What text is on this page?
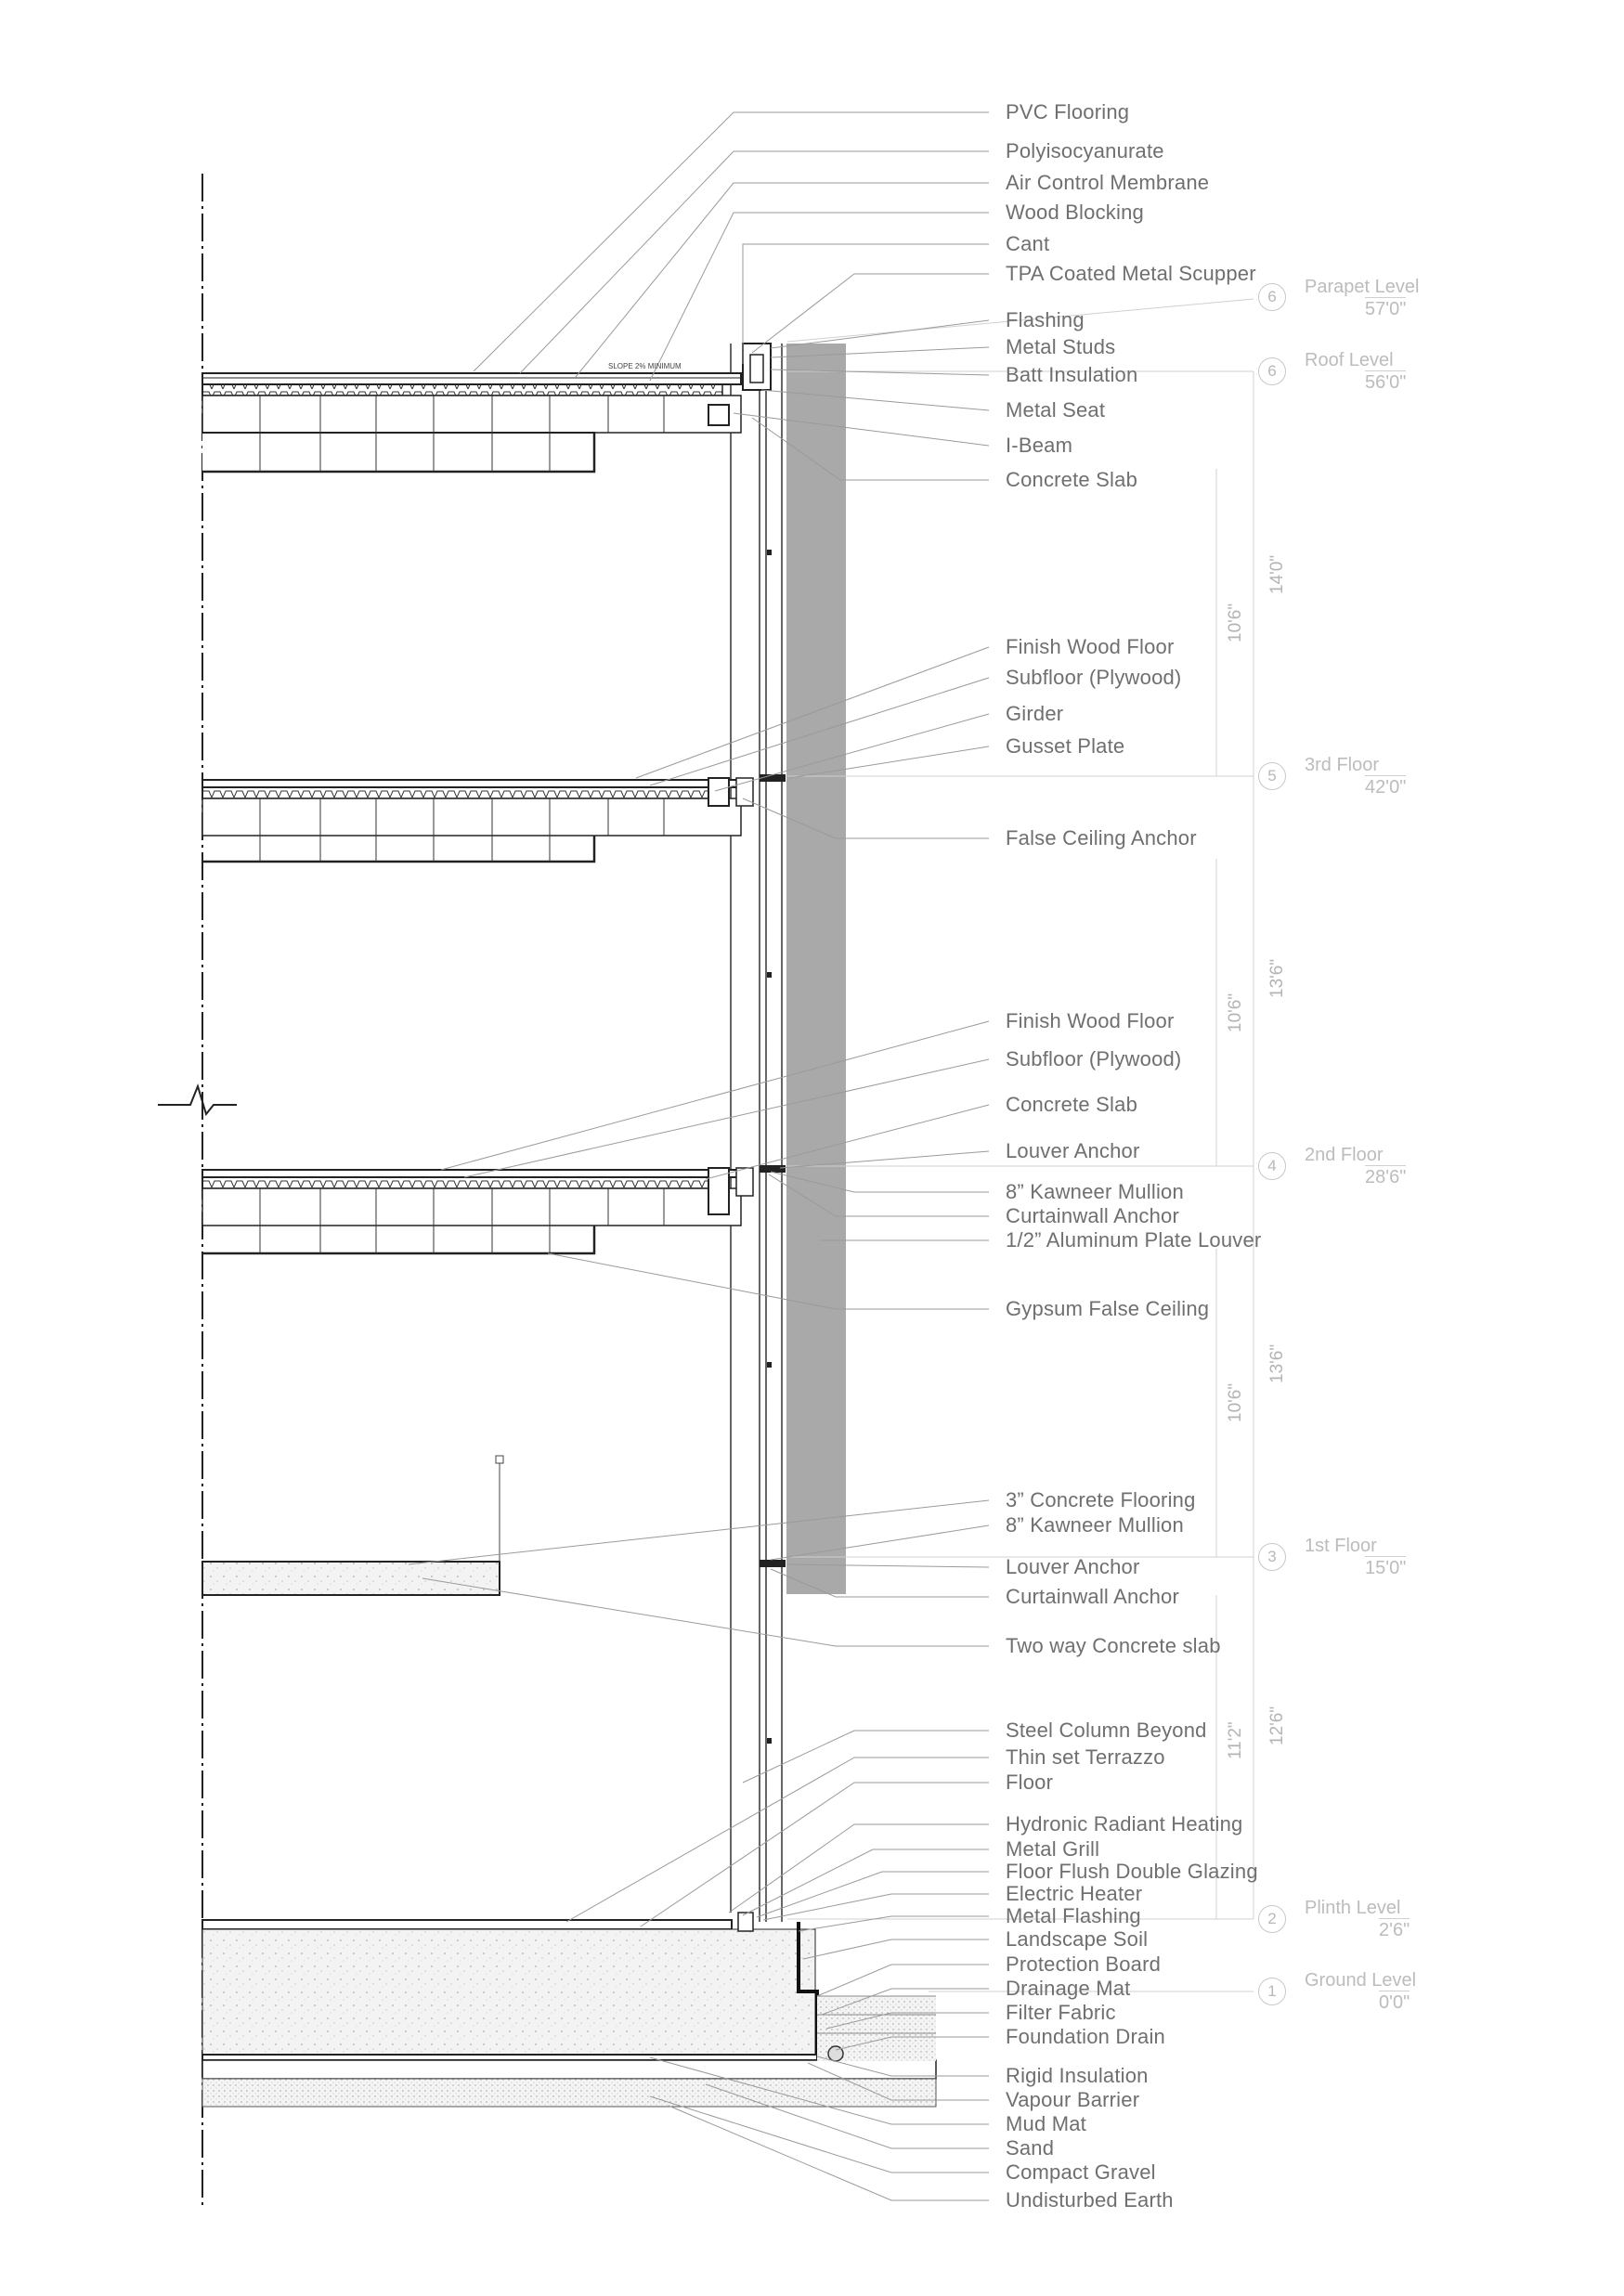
SLOPE 2% MINIMUM
PVC Flooring
Polyisocyanurate
Air Control Membrane
Wood Blocking
Cant
TPA Coated Metal Scupper
Flashing
Metal Studs
Batt Insulation
Metal Seat
I-Beam
Concrete Slab
Finish Wood Floor
Subfloor (Plywood)
Girder
Gusset Plate
False Ceiling Anchor
Finish Wood Floor
Subfloor (Plywood)
Concrete Slab
Louver Anchor
8” Kawneer Mullion
Curtainwall Anchor
1/2” Aluminum Plate Louver
Gypsum False Ceiling
3” Concrete Flooring
8” Kawneer Mullion
Louver Anchor
Curtainwall Anchor
Two way Concrete slab
Steel Column Beyond
Thin set Terrazzo
Floor
Hydronic Radiant Heating
Metal Grill
Floor Flush Double Glazing
Electric Heater
Metal Flashing
Landscape Soil
Protection Board
Drainage Mat
Filter Fabric
Foundation Drain
Rigid Insulation
Vapour Barrier
Mud Mat
Sand
Compact Gravel
Undisturbed Earth
6	Parapet Level
57'0"
6
Roof Level
56'0"
5
3rd Floor
42'0"
4
2nd Floor
28'6"
3
1st Floor
15'0"
2
Plinth Level
2'6"
1
Ground Level
0'0"
14'0"
13'6"
13'6"
12'6"
10'6"
10'6"
10'6"
11'2"
